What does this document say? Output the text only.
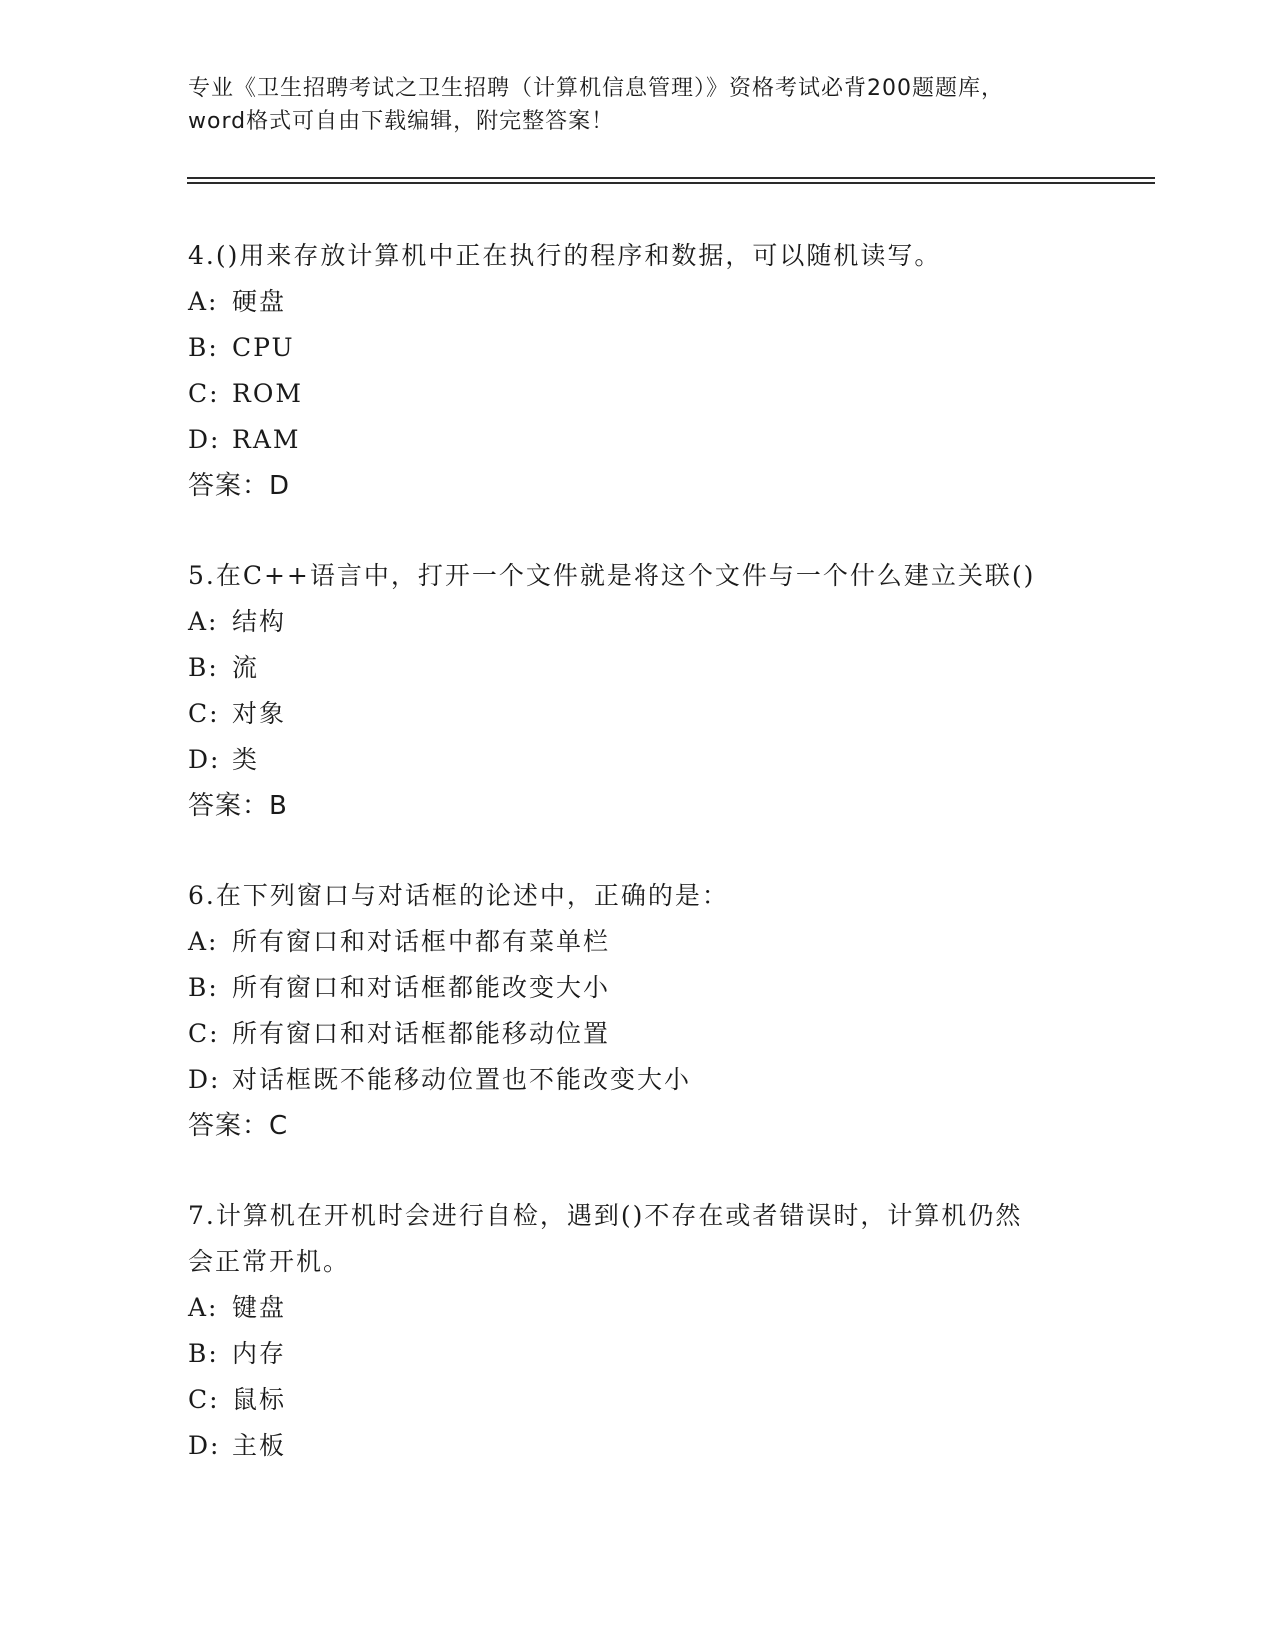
专业《卫生招聘考试之卫生招聘（计算机信息管理）》资格考试必背200题题库，
word格式可自由下载编辑，附完整答案！

4.()用来存放计算机中正在执行的程序和数据，可以随机读写。

A: 硬盘

B: CPU

C: ROM

D: RAM

答案：D

5.在C++语言中，打开一个文件就是将这个文件与一个什么建立关联()

A: 结构

B: 流

C: 对象

D: 类

答案：B

6.在下列窗口与对话框的论述中，正确的是：

A: 所有窗口和对话框中都有菜单栏

B: 所有窗口和对话框都能改变大小

C: 所有窗口和对话框都能移动位置

D: 对话框既不能移动位置也不能改变大小

答案：C

7.计算机在开机时会进行自检，遇到()不存在或者错误时，计算机仍然会正常开机。

A: 键盘

B: 内存

C: 鼠标

D: 主板
